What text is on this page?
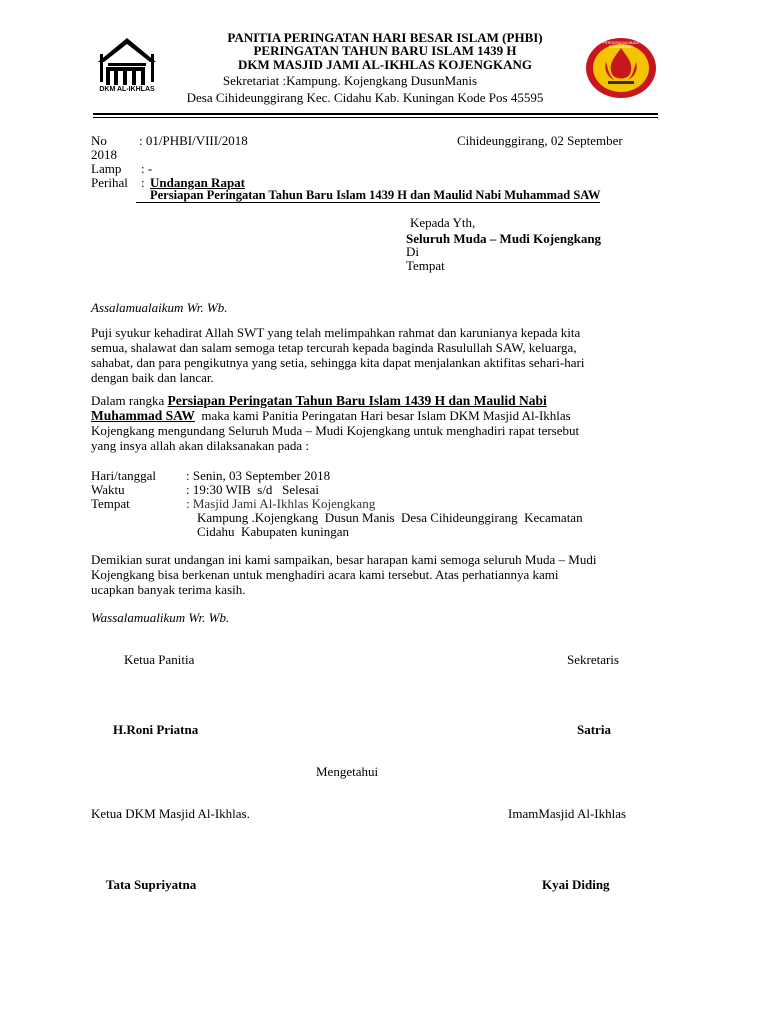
DKM AL-IKHLAS
PERGERAKAN MUDA KOJENGKANG
PANITIA PERINGATAN HARI BESAR ISLAM (PHBI)
PERINGATAN TAHUN BARU ISLAM 1439 H
DKM MASJID JAMI AL-IKHLAS KOJENGKANG
Sekretariat :Kampung. Kojengkang DusunManis
Desa Cihideunggirang Kec. Cidahu Kab. Kuningan Kode Pos 45595
No : 01/PHBI/VIII/2018	Cihideunggirang, 02 September
2018
Lamp : -
Perihal : Undangan Rapat
Persiapan Peringatan Tahun Baru Islam 1439 H dan Maulid Nabi Muhammad SAW
Kepada Yth,
Seluruh Muda – Mudi Kojengkang
Di
Tempat
Assalamualaikum Wr. Wb.
Puji syukur kehadirat Allah SWT yang telah melimpahkan rahmat dan karunianya kepada kita
semua, shalawat dan salam semoga tetap tercurah kepada baginda Rasulullah SAW, keluarga,
sahabat, dan para pengikutnya yang setia, sehingga kita dapat menjalankan aktifitas sehari-hari
dengan baik dan lancar.
Dalam rangka Persiapan Peringatan Tahun Baru Islam 1439 H dan Maulid Nabi
Muhammad SAW  maka kami Panitia Peringatan Hari besar Islam DKM Masjid Al-Ikhlas
Kojengkang mengundang Seluruh Muda – Mudi Kojengkang untuk menghadiri rapat tersebut
yang insya allah akan dilaksanakan pada :
Hari/tanggal : Senin, 03 September 2018
Waktu	: 19:30 WIB  s/d   Selesai
Tempat	: Masjid Jami Al-Ikhlas Kojengkang
Kampung .Kojengkang  Dusun Manis  Desa Cihideunggirang  Kecamatan
Cidahu  Kabupaten kuningan
Demikian surat undangan ini kami sampaikan, besar harapan kami semoga seluruh Muda – Mudi
Kojengkang bisa berkenan untuk menghadiri acara kami tersebut. Atas perhatiannya kami
ucapkan banyak terima kasih.
Wassalamualikum Wr. Wb.
Ketua Panitia	Sekretaris
H.Roni Priatna	Satria
Mengetahui
Ketua DKM Masjid Al-Ikhlas.	ImamMasjid Al-Ikhlas
Tata Supriyatna	Kyai Diding
